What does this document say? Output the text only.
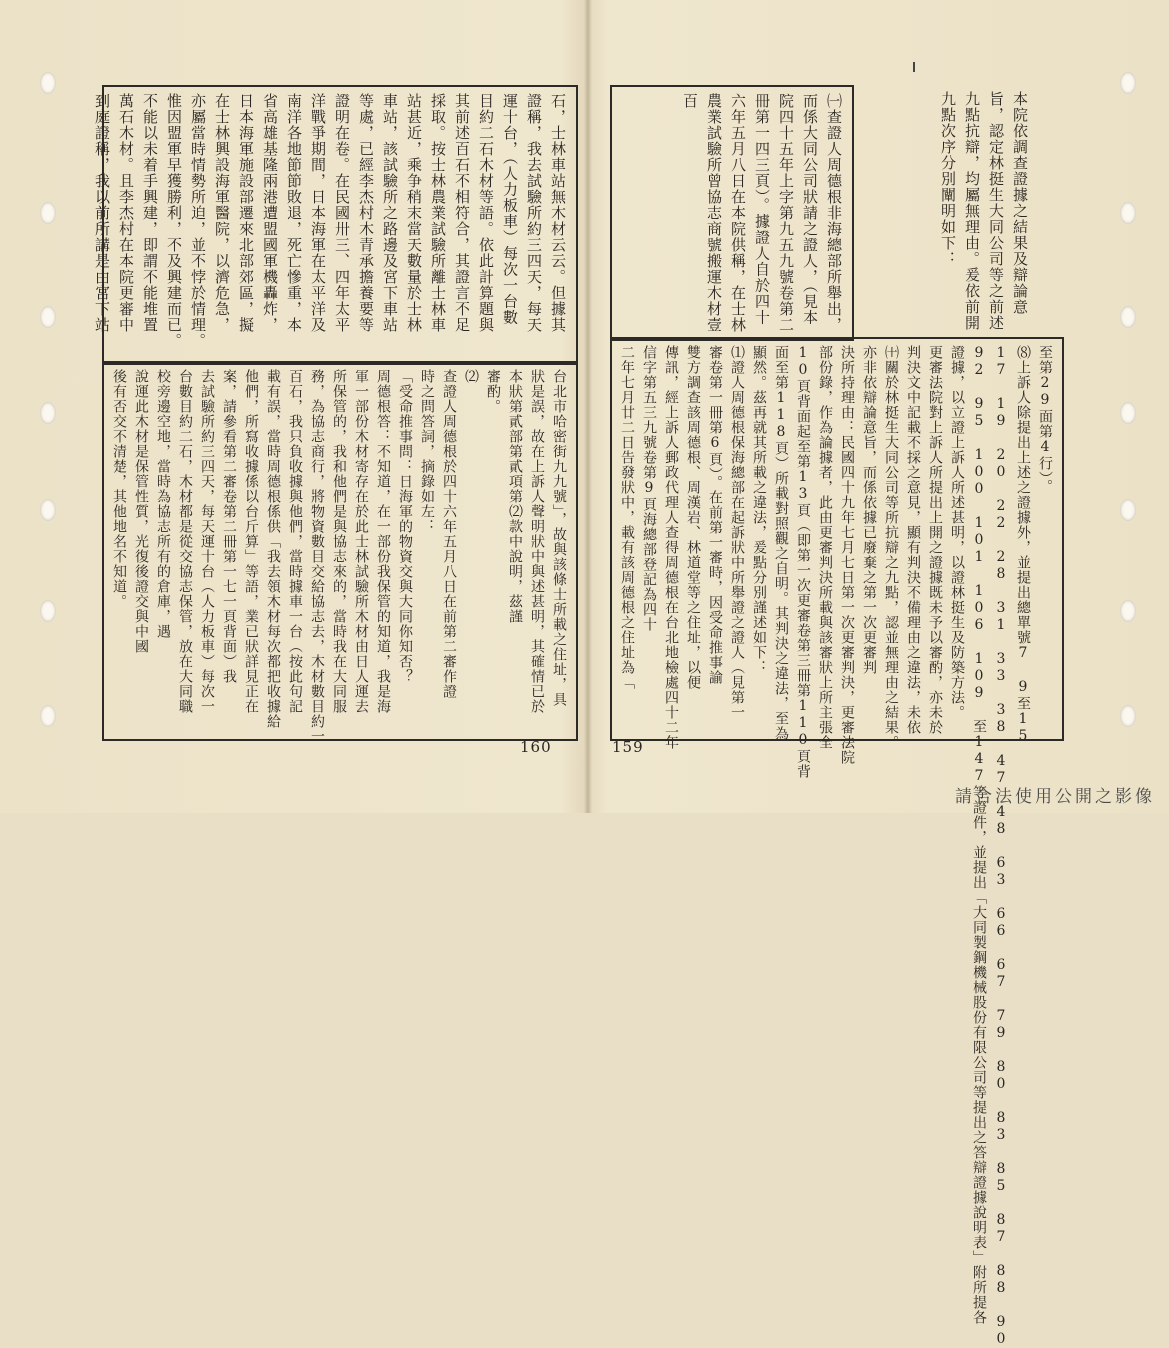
石，士林車站無木材云云。但據其
證稱，我去試驗所約三四天，每天
運十台，（人力板車）每次一台數
目約二石木材等語。依此計算題與
其前述百石不相符合，其證言不足
採取。按士林農業試驗所離士林車
站甚近，乘争稍末當天數量於士林
車站，該試驗所之路邊及宮下車站
等處，已經李杰村木青承擔養要等
證明在卷。在民國卅三、四年太平
洋戰爭期間，日本海軍在太平洋及
南洋各地節節敗退，死亡慘重，本
省高雄基隆兩港遭盟國軍機轟炸，
日本海軍施設部遷來北部郊區，擬
在士林興設海軍醫院，以濟危急，
亦屬當時情勢所迫，並不悖於情理。
惟因盟軍早獲勝利，不及興建而已。
不能以未着手興建，即謂不能堆置
萬石木材。且李杰村在本院更審中
到庭證稱，我以前所講是由宮下站
台北市哈密街九九號」，故與該條士所載之住址，具
狀是誤，故在上訴人聲明狀中與述甚明，其確情已於
本狀第貳部第貳項第⑵款中說明，茲謹
審酌。
⑵
查證人周德根於四十六年五月八日在前第二審作證
時之問答詞，摘錄如左：
「受命推事問：日海軍的物資交與大同你知否？
周德根答：不知道，在一部份我保管的知道，我是海
軍一部份木材寄存在於此士林試驗所木材由日人運去
所保管的，我和他們是與協志來的，當時我在大同服
務，為協志商行，將物資數目交給協志去，木材數目約一
百石，我只負收據與他們，當時據車一台（按此句記
載有誤，當時周德根係供「我去領木材每次都把收據給
他們，所寫收據係以台斤算」等語，業已狀詳見正在
案，請參看第二審卷第二冊第一七一頁背面）我
去試驗所約三四天，每天運十台（人力板車）每次一
台數目約二石，木材都是從交協志保管，放在大同職
校旁邊空地，當時為協志所有的倉庫，遇
說運此木材是保管性質，光復後證交與中國
後有否交不清楚，其他地名不知道。
160
㈠查證人周德根非海總部所舉出，而係大同公司狀請之證人，（見本院四十五年上字第九五九號卷第二冊第一四三頁）。據證人自於四十六年五月八日在本院供稱，在士林農業試驗所曾協志商號搬運木材壹百	本院依調查證據之結果及辯論意旨，認定林挺生大同公司等之前述九點抗辯，均屬無理由。爰依前開九點次序分別闡明如下：
至第29面第4行）。
⑻上訴人除提出上述之證據外，並提出總單號7 9至15
17 19 20 22 28 31 33 38 47 48 63 66 67 79 80 83 85 87 88 90
92 95 100 101 106 109 至147等證件，並提出「大同製鋼機械股份有限公司等提出之答辯證據說明表」附所提各
證據，以立證上訴人所述甚明，以證林挺生及防築方法。
更審法院對上訴人所提出上開之證據既未予以審酌，亦未於
判決文中記載不採之意見，顯有判決不備理由之違法，未依
㈩關於林挺生大同公司等所抗辯之九點，認並無理由之結果。
亦非依辯論意旨，而係依據已廢棄之第一次更審判
決所持理由：民國四十九年七月七日第一次更審判決，更審法院
部份錄，作為論據者，此由更審判決所載與該審狀上所主張全
10頁背面起至第13頁（即第一次更審卷第三冊第110頁背
面至第118頁）所載對照觀之自明。其判決之違法，至為
顯然。茲再就其所載之違法，爰點分別謹述如下：
⑴證人周德根保海總部在起訴狀中所舉證之證人（見第一
審卷第一冊第6頁）。在前第一審時，因受命推事諭
雙方調查該周德根、周漢岩、林道堂等之住址，以便
傳訊，經上訴人郵政代理人查得周德根在台北地檢處四十二年
信字第五三九號卷第9頁海總部登記為四十
二年七月廿二日告發狀中，載有該周德根之住址為「
159
請合法使用公開之影像
